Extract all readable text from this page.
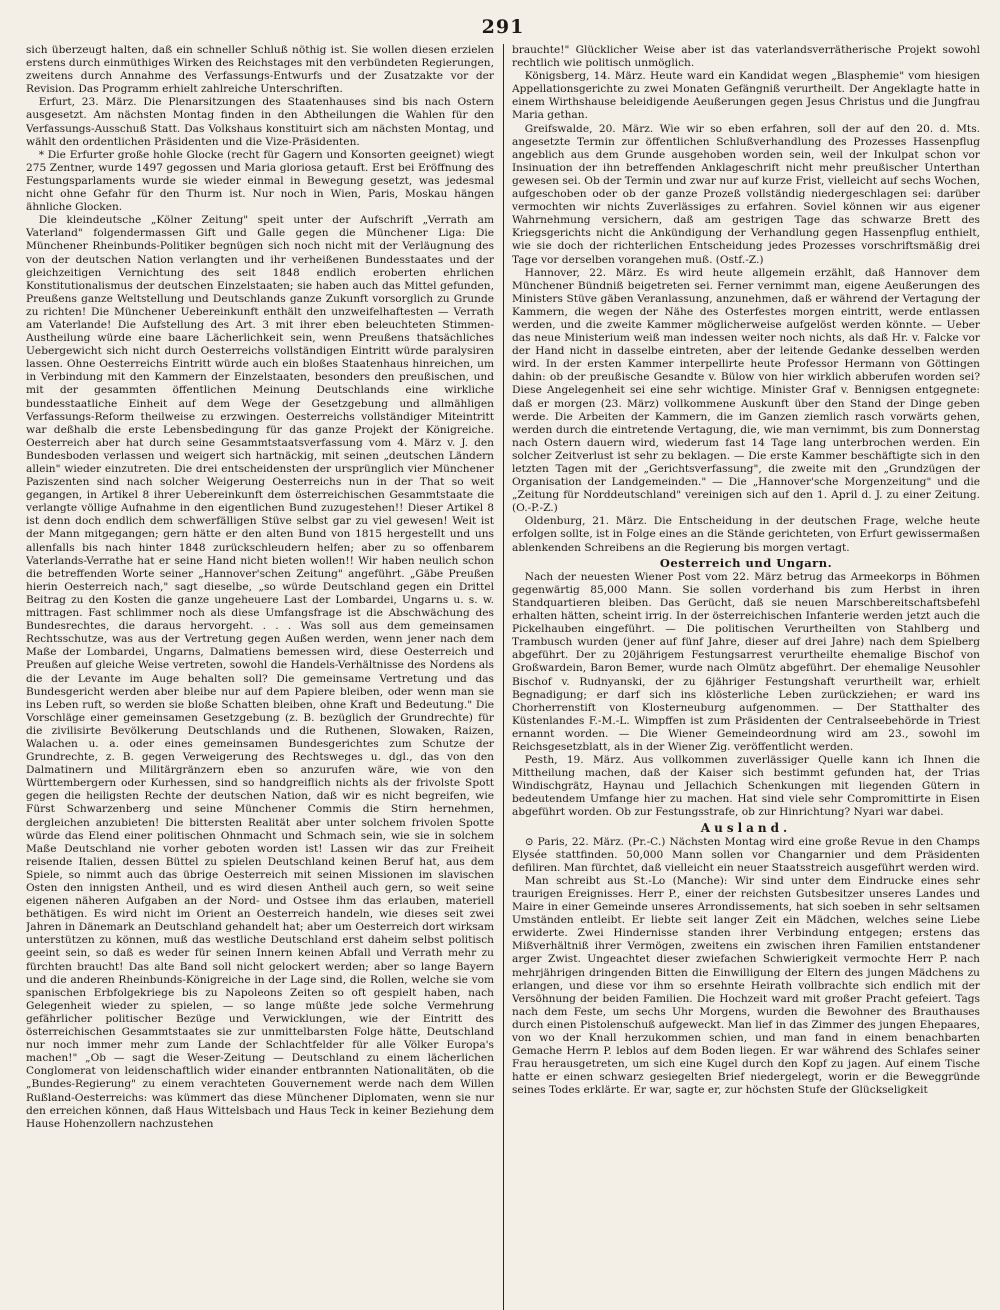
291

sich überzeugt halten, daß ein schneller Schluß nöthig ist. Sie wollen diesen erzielen erstens durch einmüthiges Wirken des Reichstages mit den verbündeten Regierungen, zweitens durch Annahme des Verfassungs-Entwurfs und der Zusatzakte vor der Revision. Das Programm erhielt zahlreiche Unterschriften.

Erfurt, 23. März. Die Plenarsitzungen des Staatenhauses sind bis nach Ostern ausgesetzt. Am nächsten Montag finden in den Abtheilungen die Wahlen für den Verfassungs-Ausschuß Statt. Das Volkshaus konstituirt sich am nächsten Montag, und wählt den ordentlichen Präsidenten und die Vize-Präsidenten.

* Die Erfurter große hohle Glocke (recht für Gagern und Konsorten geeignet) wiegt 275 Zentner, wurde 1497 gegossen und Maria gloriosa getauft. Erst bei Eröffnung des Festungsparlaments wurde sie wieder einmal in Bewegung gesetzt, was jedesmal nicht ohne Gefahr für den Thurm ist. Nur noch in Wien, Paris, Moskau hängen ähnliche Glocken.

Die kleindeutsche „Kölner Zeitung" speit unter der Aufschrift „Verrath am Vaterland" folgendermassen Gift und Galle gegen die Münchener Liga: Die Münchener Rheinbunds-Politiker begnügen sich noch nicht mit der Verläugnung des von der deutschen Nation verlangten und ihr verheißenen Bundesstaates und der gleichzeitigen Vernichtung des seit 1848 endlich eroberten ehrlichen Konstitutionalismus der deutschen Einzelstaaten; sie haben auch das Mittel gefunden, Preußens ganze Weltstellung und Deutschlands ganze Zukunft vorsorglich zu Grunde zu richten! Die Münchener Uebereinkunft enthält den unzweifelhaftesten — Verrath am Vaterlande! Die Aufstellung des Art. 3 mit ihrer eben beleuchteten Stimmen-Austheilung würde eine baare Lächerlichkeit sein, wenn Preußens thatsächliches Uebergewicht sich nicht durch Oesterreichs vollständigen Eintritt würde paralysiren lassen. Ohne Oesterreichs Eintritt würde auch ein bloßes Staatenhaus hinreichen, um in Verbindung mit den Kammern der Einzelstaaten, besonders den preußischen, und mit der gesammten öffentlichen Meinung Deutschlands eine wirkliche bundesstaatliche Einheit auf dem Wege der Gesetzgebung und allmähligen Verfassungs-Reform theilweise zu erzwingen. Oesterreichs vollständiger Miteintritt war deßhalb die erste Lebensbedingung für das ganze Projekt der Königreiche. Oesterreich aber hat durch seine Gesammtstaatsverfassung vom 4. März v. J. den Bundesboden verlassen und weigert sich hartnäckig, mit seinen „deutschen Ländern allein" wieder einzutreten. Die drei entscheidensten der ursprünglich vier Münchener Paziszenten sind nach solcher Weigerung Oesterreichs nun in der That so weit gegangen, in Artikel 8 ihrer Uebereinkunft dem österreichischen Gesammtstaate die verlangte völlige Aufnahme in den eigentlichen Bund zuzugestehen!! Dieser Artikel 8 ist denn doch endlich dem schwerfälligen Stüve selbst gar zu viel gewesen! Weit ist der Mann mitgegangen; gern hätte er den alten Bund von 1815 hergestellt und uns allenfalls bis nach hinter 1848 zurückschleudern helfen; aber zu so offenbarem Vaterlands-Verrathe hat er seine Hand nicht bieten wollen!! Wir haben neulich schon die betreffenden Worte seiner „Hannover'schen Zeitung" angeführt. „Gäbe Preußen hierin Oesterreich nach," sagt dieselbe, „so würde Deutschland gegen ein Drittel Beitrag zu den Kosten die ganze ungeheuere Last der Lombardei, Ungarns u. s. w. mittragen. Fast schlimmer noch als diese Umfangsfrage ist die Abschwächung des Bundesrechtes, die daraus hervorgeht. . . . Was soll aus dem gemeinsamen Rechtsschutze, was aus der Vertretung gegen Außen werden, wenn jener nach dem Maße der Lombardei, Ungarns, Dalmatiens bemessen wird, diese Oesterreich und Preußen auf gleiche Weise vertreten, sowohl die Handels-Verhältnisse des Nordens als die der Levante im Auge behalten soll? Die gemeinsame Vertretung und das Bundesgericht werden aber bleibe nur auf dem Papiere bleiben, oder wenn man sie ins Leben ruft, so werden sie bloße Schatten bleiben, ohne Kraft und Bedeutung." Die Vorschläge einer gemeinsamen Gesetzgebung (z. B. bezüglich der Grundrechte) für die zivilisirte Bevölkerung Deutschlands und die Ruthenen, Slowaken, Raizen, Walachen u. a. oder eines gemeinsamen Bundesgerichtes zum Schutze der Grundrechte, z. B. gegen Verweigerung des Rechtsweges u. dgl., das von den Dalmatinern und Militärgränzern eben so anzurufen wäre, wie von den Württembergern oder Kurhessen, sind so handgreiflich nichts als der frivolste Spott gegen die heiligsten Rechte der deutschen Nation, daß wir es nicht begreifen, wie Fürst Schwarzenberg und seine Münchener Commis die Stirn hernehmen, dergleichen anzubieten! Die bittersten Realität aber unter solchem frivolen Spotte würde das Elend einer politischen Ohnmacht und Schmach sein, wie sie in solchem Maße Deutschland nie vorher geboten worden ist! Lassen wir das zur Freiheit reisende Italien, dessen Büttel zu spielen Deutschland keinen Beruf hat, aus dem Spiele, so nimmt auch das übrige Oesterreich mit seinen Missionen im slavischen Osten den innigsten Antheil, und es wird diesen Antheil auch gern, so weit seine eigenen näheren Aufgaben an der Nord- und Ostsee ihm das erlauben, materiell bethätigen. Es wird nicht im Orient an Oesterreich handeln, wie dieses seit zwei Jahren in Dänemark an Deutschland gehandelt hat; aber um Oesterreich dort wirksam unterstützen zu können, muß das westliche Deutschland erst daheim selbst politisch geeint sein, so daß es weder für seinen Innern keinen Abfall und Verrath mehr zu fürchten braucht! Das alte Band soll nicht gelockert werden; aber so lange Bayern und die anderen Rheinbunds-Königreiche in der Lage sind, die Rollen, welche sie vom spanischen Erbfolgekriege bis zu Napoleons Zeiten so oft gespielt haben, nach Gelegenheit wieder zu spielen, — so lange müßte jede solche Vermehrung gefährlicher politischer Bezüge und Verwicklungen, wie der Eintritt des österreichischen Gesammtstaates sie zur unmittelbarsten Folge hätte, Deutschland nur noch immer mehr zum Lande der Schlachtfelder für alle Völker Europa's machen!" „Ob — sagt die Weser-Zeitung — Deutschland zu einem lächerlichen Conglomerat von leidenschaftlich wider einander entbrannten Nationalitäten, ob die „Bundes-Regierung" zu einem verachteten Gouvernement werde nach dem Willen Rußland-Oesterreichs: was kümmert das diese Münchener Diplomaten, wenn sie nur den erreichen können, daß Haus Wittelsbach und Haus Teck in keiner Beziehung dem Hause Hohenzollern nachzustehen

brauchte!" Glücklicher Weise aber ist das vaterlandsverrätherische Projekt sowohl rechtlich wie politisch unmöglich.

Königsberg, 14. März. Heute ward ein Kandidat wegen „Blasphemie" vom hiesigen Appellationsgerichte zu zwei Monaten Gefängniß verurtheilt. Der Angeklagte hatte in einem Wirthshause beleidigende Aeußerungen gegen Jesus Christus und die Jungfrau Maria gethan.

Greifswalde, 20. März. Wie wir so eben erfahren, soll der auf den 20. d. Mts. angesetzte Termin zur öffentlichen Schlußverhandlung des Prozesses Hassenpflug angeblich aus dem Grunde ausgehoben worden sein, weil der Inkulpat schon vor Insinuation der ihn betreffenden Anklageschrift nicht mehr preußischer Unterthan gewesen sei. Ob der Termin und zwar nur auf kurze Frist, vielleicht auf sechs Wochen, aufgeschoben oder ob der ganze Prozeß vollständig niedergeschlagen sei: darüber vermochten wir nichts Zuverlässiges zu erfahren. Soviel können wir aus eigener Wahrnehmung versichern, daß am gestrigen Tage das schwarze Brett des Kriegsgerichts nicht die Ankündigung der Verhandlung gegen Hassenpflug enthielt, wie sie doch der richterlichen Entscheidung jedes Prozesses vorschriftsmäßig drei Tage vor derselben vorangehen muß. (Ostf.-Z.)

Hannover, 22. März. Es wird heute allgemein erzählt, daß Hannover dem Münchener Bündniß beigetreten sei. Ferner vernimmt man, eigene Aeußerungen des Ministers Stüve gäben Veranlassung, anzunehmen, daß er während der Vertagung der Kammern, die wegen der Nähe des Osterfestes morgen eintritt, werde entlassen werden, und die zweite Kammer möglicherweise aufgelöst werden könnte. — Ueber das neue Ministerium weiß man indessen weiter noch nichts, als daß Hr. v. Falcke vor der Hand nicht in dasselbe eintreten, aber der leitende Gedanke desselben werden wird. In der ersten Kammer interpellirte heute Professor Hermann von Göttingen dahin: ob der preußische Gesandte v. Bülow von hier wirklich abberufen worden sei? Diese Angelegenheit sei eine sehr wichtige. Minister Graf v. Bennigsen entgegnete: daß er morgen (23. März) vollkommene Auskunft über den Stand der Dinge geben werde. Die Arbeiten der Kammern, die im Ganzen ziemlich rasch vorwärts gehen, werden durch die eintretende Vertagung, die, wie man vernimmt, bis zum Donnerstag nach Ostern dauern wird, wiederum fast 14 Tage lang unterbrochen werden. Ein solcher Zeitverlust ist sehr zu beklagen. — Die erste Kammer beschäftigte sich in den letzten Tagen mit der „Gerichtsverfassung", die zweite mit den „Grundzügen der Organisation der Landgemeinden." — Die „Hannover'sche Morgenzeitung" und die „Zeitung für Norddeutschland" vereinigen sich auf den 1. April d. J. zu einer Zeitung. (O.-P.-Z.)

Oldenburg, 21. März. Die Entscheidung in der deutschen Frage, welche heute erfolgen sollte, ist in Folge eines an die Stände gerichteten, von Erfurt gewissermaßen ablenkenden Schreibens an die Regierung bis morgen vertagt.

Oesterreich und Ungarn.

Nach der neuesten Wiener Post vom 22. März betrug das Armeekorps in Böhmen gegenwärtig 85,000 Mann. Sie sollen vorderhand bis zum Herbst in ihren Standquartieren bleiben. Das Gerücht, daß sie neuen Marschbereitschaftsbefehl erhalten hätten, scheint irrig. In der österreichischen Infanterie werden jetzt auch die Pickelhauben eingeführt. — Die politischen Verurtheilten von Stahlberg und Trambusch wurden (jener auf fünf Jahre, dieser auf drei Jahre) nach dem Spielberg abgeführt. Der zu 20jährigem Festungsarrest verurtheilte ehemalige Bischof von Großwardein, Baron Bemer, wurde nach Olmütz abgeführt. Der ehemalige Neusohler Bischof v. Rudnyanski, der zu 6jähriger Festungshaft verurtheilt war, erhielt Begnadigung; er darf sich ins klösterliche Leben zurückziehen; er ward ins Chorherrenstift von Klosterneuburg aufgenommen. — Der Statthalter des Küstenlandes F.-M.-L. Wimpffen ist zum Präsidenten der Centralseebehörde in Triest ernannt worden. — Die Wiener Gemeindeordnung wird am 23., sowohl im Reichsgesetzblatt, als in der Wiener Zig. veröffentlicht werden.

Pesth, 19. März. Aus vollkommen zuverlässiger Quelle kann ich Ihnen die Mittheilung machen, daß der Kaiser sich bestimmt gefunden hat, der Trias Windischgrätz, Haynau und Jellachich Schenkungen mit liegenden Gütern in bedeutendem Umfange hier zu machen. Hat sind viele sehr Compromittirte in Eisen abgeführt worden. Ob zur Festungsstrafe, ob zur Hinrichtung? Nyari war dabei.

Ausland.

⊙ Paris, 22. März. (Pr.-C.) Nächsten Montag wird eine große Revue in den Champs Elysée stattfinden. 50,000 Mann sollen vor Changarnier und dem Präsidenten defiliren. Man fürchtet, daß vielleicht ein neuer Staatsstreich ausgeführt werden wird.

Man schreibt aus St.-Lo (Manche): Wir sind unter dem Eindrucke eines sehr traurigen Ereignisses. Herr P., einer der reichsten Gutsbesitzer unseres Landes und Maire in einer Gemeinde unseres Arrondissements, hat sich soeben in sehr seltsamen Umständen entleibt. Er liebte seit langer Zeit ein Mädchen, welches seine Liebe erwiderte. Zwei Hindernisse standen ihrer Verbindung entgegen; erstens das Mißverhältniß ihrer Vermögen, zweitens ein zwischen ihren Familien entstandener arger Zwist. Ungeachtet dieser zwiefachen Schwierigkeit vermochte Herr P. nach mehrjährigen dringenden Bitten die Einwilligung der Eltern des jungen Mädchens zu erlangen, und diese vor ihm so ersehnte Heirath vollbrachte sich endlich mit der Versöhnung der beiden Familien. Die Hochzeit ward mit großer Pracht gefeiert. Tags nach dem Feste, um sechs Uhr Morgens, wurden die Bewohner des Brauthauses durch einen Pistolenschuß aufgeweckt. Man lief in das Zimmer des jungen Ehepaares, von wo der Knall herzukommen schien, und man fand in einem benachbarten Gemache Herrn P. leblos auf dem Boden liegen. Er war während des Schlafes seiner Frau herausgetreten, um sich eine Kugel durch den Kopf zu jagen. Auf einem Tische hatte er einen schwarz gesiegelten Brief niedergelegt, worin er die Beweggründe seines Todes erklärte. Er war, sagte er, zur höchsten Stufe der Glückseligkeit
